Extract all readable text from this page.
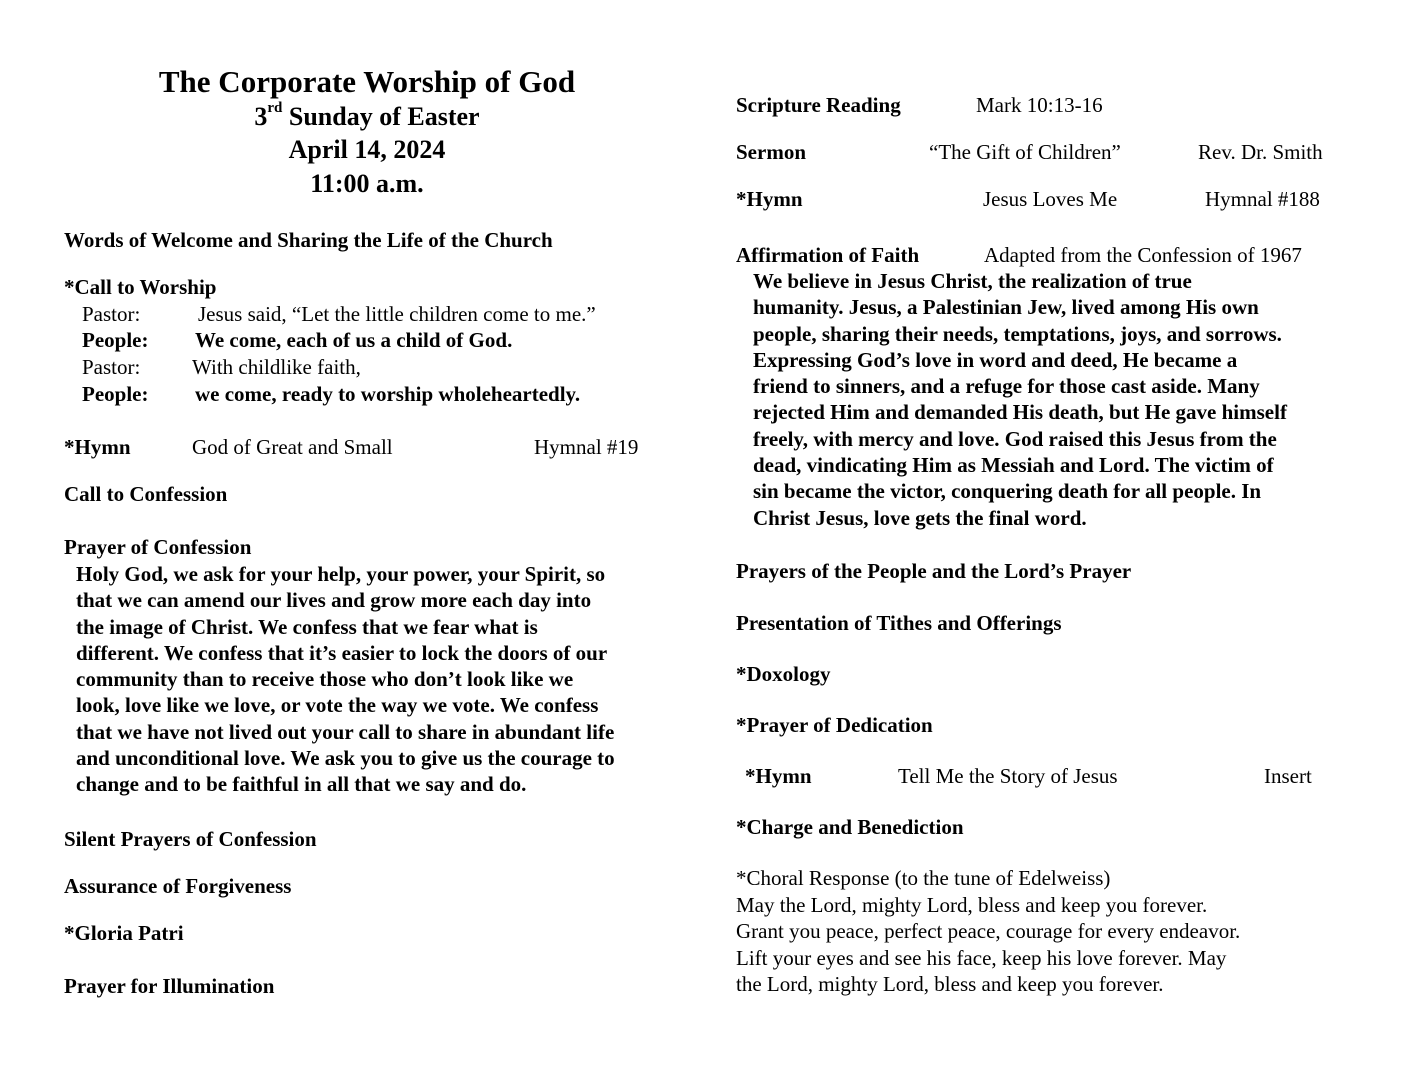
The Corporate Worship of God
3rd Sunday of Easter
April 14, 2024
11:00 a.m.
Words of Welcome and Sharing the Life of the Church
*Call to Worship
Pastor:	Jesus said, “Let the little children come to me.”
People: We come, each of us a child of God.
Pastor: With childlike faith,
People: we come, ready to worship wholeheartedly.
*Hymn	God of Great and Small	Hymnal #19
Call to Confession
Prayer of Confession
Holy God, we ask for your help, your power, your Spirit, so
that we can amend our lives and grow more each day into
the image of Christ. We confess that we fear what is
different. We confess that it’s easier to lock the doors of our
community than to receive those who don’t look like we
look, love like we love, or vote the way we vote. We confess
that we have not lived out your call to share in abundant life
and unconditional love. We ask you to give us the courage to
change and to be faithful in all that we say and do.
Silent Prayers of Confession
Assurance of Forgiveness
*Gloria Patri
Prayer for Illumination
Scripture Reading	Mark 10:13-16
Sermon	“The Gift of Children”	Rev. Dr. Smith
*Hymn	Jesus Loves Me	Hymnal #188
Affirmation of Faith	Adapted from the Confession of 1967
We believe in Jesus Christ, the realization of true
humanity. Jesus, a Palestinian Jew, lived among His own
people, sharing their needs, temptations, joys, and sorrows.
Expressing God’s love in word and deed, He became a
friend to sinners, and a refuge for those cast aside. Many
rejected Him and demanded His death, but He gave himself
freely, with mercy and love. God raised this Jesus from the
dead, vindicating Him as Messiah and Lord. The victim of
sin became the victor, conquering death for all people. In
Christ Jesus, love gets the final word.
Prayers of the People and the Lord’s Prayer
Presentation of Tithes and Offerings
*Doxology
*Prayer of Dedication
*Hymn	Tell Me the Story of Jesus	Insert
*Charge and Benediction
*Choral Response (to the tune of Edelweiss)
May the Lord, mighty Lord, bless and keep you forever.
Grant you peace, perfect peace, courage for every endeavor.
Lift your eyes and see his face, keep his love forever. May
the Lord, mighty Lord, bless and keep you forever.
